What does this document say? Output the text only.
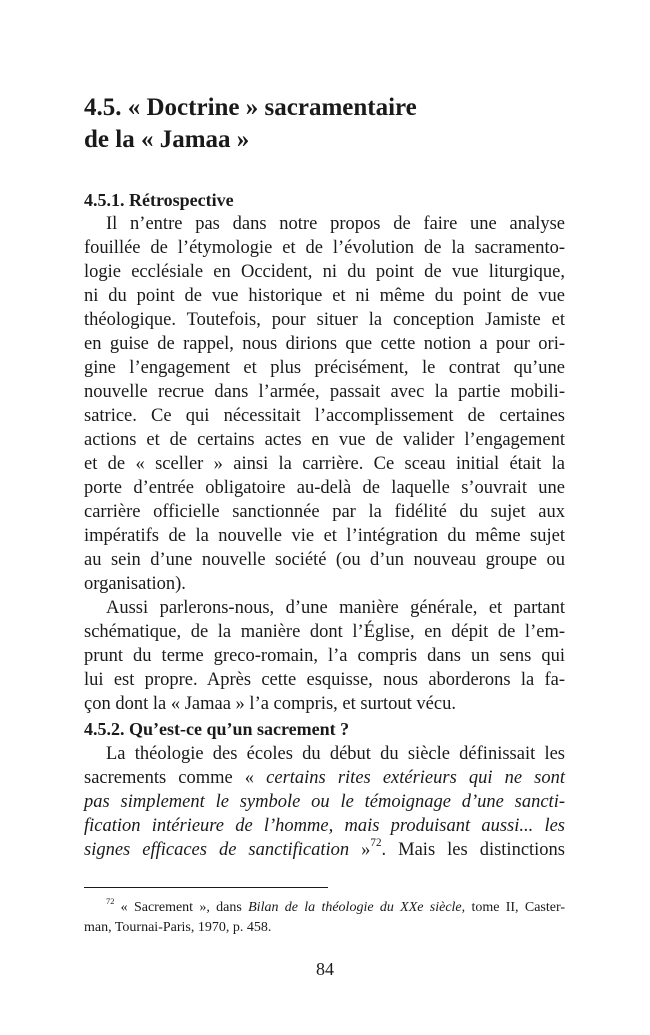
4.5. « Doctrine » sacramentaire
de la « Jamaa »
4.5.1. Rétrospective

Il n’entre pas dans notre propos de faire une analyse
fouillée de l’étymologie et de l’évolution de la sacramento-
logie ecclésiale en Occident, ni du point de vue liturgique,
ni du point de vue historique et ni même du point de vue
théologique. Toutefois, pour situer la conception Jamiste et
en guise de rappel, nous dirions que cette notion a pour ori-
gine l’engagement et plus précisément, le contrat qu’une
nouvelle recrue dans l’armée, passait avec la partie mobili-
satrice. Ce qui nécessitait l’accomplissement de certaines
actions et de certains actes en vue de valider l’engagement
et de « sceller » ainsi la carrière. Ce sceau initial était la
porte d’entrée obligatoire au-delà de laquelle s’ouvrait une
carrière officielle sanctionnée par la fidélité du sujet aux
impératifs de la nouvelle vie et l’intégration du même sujet
au sein d’une nouvelle société (ou d’un nouveau groupe ou
organisation).

Aussi parlerons-nous, d’une manière générale, et partant
schématique, de la manière dont l’Église, en dépit de l’em-
prunt du terme greco-romain, l’a compris dans un sens qui
lui est propre. Après cette esquisse, nous aborderons la fa-
çon dont la « Jamaa » l’a compris, et surtout vécu.

4.5.2. Qu’est-ce qu’un sacrement ?

La théologie des écoles du début du siècle définissait les
sacrements comme « certains rites extérieurs qui ne sont
pas simplement le symbole ou le témoignage d’une sancti-
fication intérieure de l’homme, mais produisant aussi... les
signes efficaces de sanctification »$^{72}$. Mais les distinctions

$^{72}$ « Sacrement », dans Bilan de la théologie du XXe siècle, tome II, Caster-
man, Tournai-Paris, 1970, p. 458.

84
